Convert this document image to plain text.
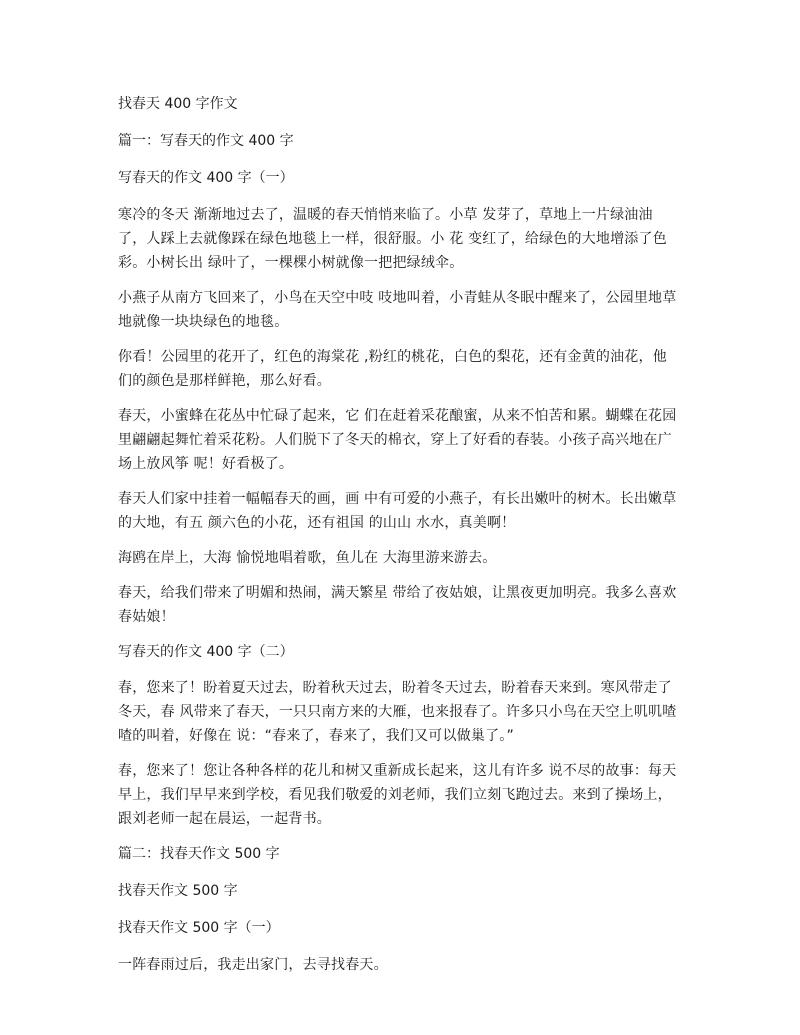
找春天 400 字作文
篇一：写春天的作文 400 字
写春天的作文 400 字（一）
寒冷的冬天 渐渐地过去了，温暖的春天悄悄来临了。小草 发芽了，草地上一片绿油油了，人踩上去就像踩在绿色地毯上一样，很舒服。小 花 变红了，给绿色的大地增添了色彩。小树长出 绿叶了，一棵棵小树就像一把把绿绒伞。
小燕子从南方飞回来了，小鸟在天空中吱 吱地叫着，小青蛙从冬眠中醒来了，公园里地草 地就像一块块绿色的地毯。
你看！公园里的花开了，红色的海棠花 ,粉红的桃花，白色的梨花，还有金黄的油花，他们的颜色是那样鲜艳，那么好看。
春天，小蜜蜂在花丛中忙碌了起来，它 们在赶着采花酿蜜，从来不怕苦和累。蝴蝶在花园里翩翩起舞忙着采花粉。人们脱下了冬天的棉衣，穿上了好看的春装。小孩子高兴地在广场上放风筝 呢！好看极了。
春天人们家中挂着一幅幅春天的画，画 中有可爱的小燕子，有长出嫩叶的树木。长出嫩草的大地，有五 颜六色的小花，还有祖国 的山山 水水，真美啊！
海鸥在岸上，大海 愉悦地唱着歌，鱼儿在 大海里游来游去。
春天，给我们带来了明媚和热闹，满天繁星 带给了夜姑娘，让黑夜更加明亮。我多么喜欢春姑娘！
写春天的作文 400 字（二）
春，您来了！盼着夏天过去，盼着秋天过去，盼着冬天过去，盼着春天来到。寒风带走了冬天，春 风带来了春天，一只只南方来的大雁，也来报春了。许多只小鸟在天空上叽叽喳喳的叫着，好像在 说：“春来了，春来了，我们又可以做巢了。”
春，您来了！您让各种各样的花儿和树又重新成长起来，这儿有许多 说不尽的故事：每天早上，我们早早来到学校，看见我们敬爱的刘老师，我们立刻飞跑过去。来到了操场上，跟刘老师一起在晨运，一起背书。
篇二：找春天作文 500 字
找春天作文 500 字
找春天作文 500 字（一）
一阵春雨过后，我走出家门，去寻找春天。
